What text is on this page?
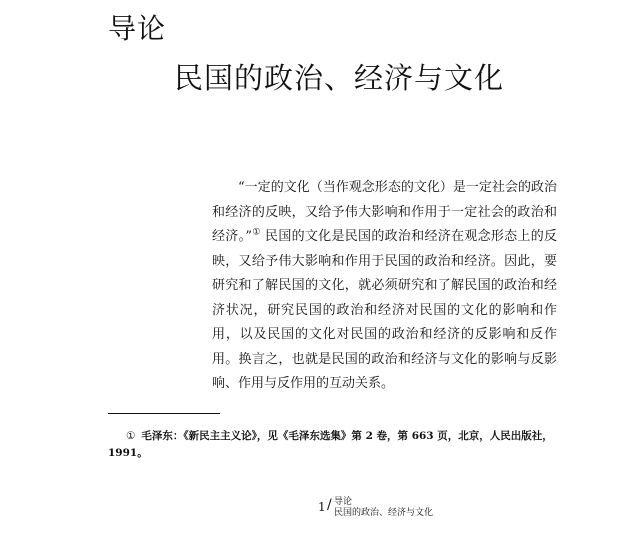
导论
民国的政治、经济与文化

“一定的文化（当作观念形态的文化）是一定社会的政治和经济的反映，又给予伟大影响和作用于一定社会的政治和经济。”① 民国的文化是民国的政治和经济在观念形态上的反映，又给予伟大影响和作用于民国的政治和经济。因此，要研究和了解民国的文化，就必须研究和了解民国的政治和经济状况，研究民国的政治和经济对民国的文化的影响和作用，以及民国的文化对民国的政治和经济的反影响和反作用。换言之，也就是民国的政治和经济与文化的影响与反影响、作用与反作用的互动关系。

① 毛泽东：《新民主主义论》，见《毛泽东选集》第 2 卷，第 663 页，北京，人民出版社，1991。
1 / 导论
民国的政治、经济与文化
